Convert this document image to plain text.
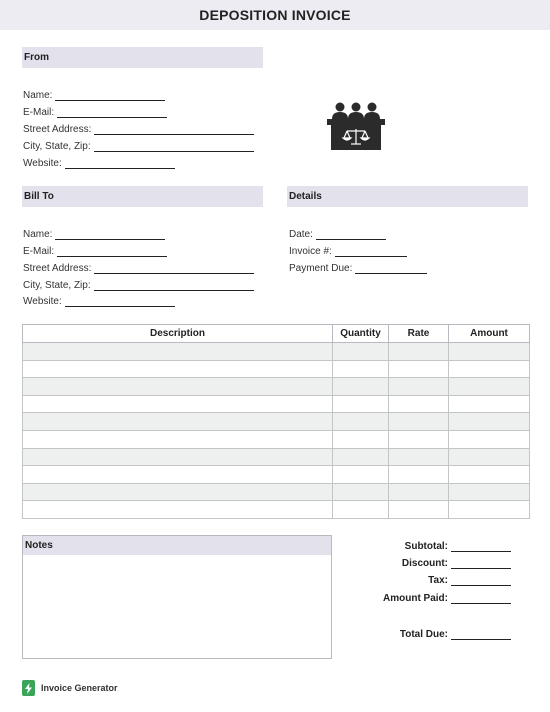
DEPOSITION INVOICE
From
Name:
E-Mail:
Street Address:
City, State, Zip:
Website:
Bill To
Name:
E-Mail:
Street Address:
City, State, Zip:
Website:
Details
Date:
Invoice #:
Payment Due:
Description	Quantity	Rate	Amount

Notes	Subtotal:
Discount:
Tax:
Amount Paid:
Total Due:
Invoice Generator
